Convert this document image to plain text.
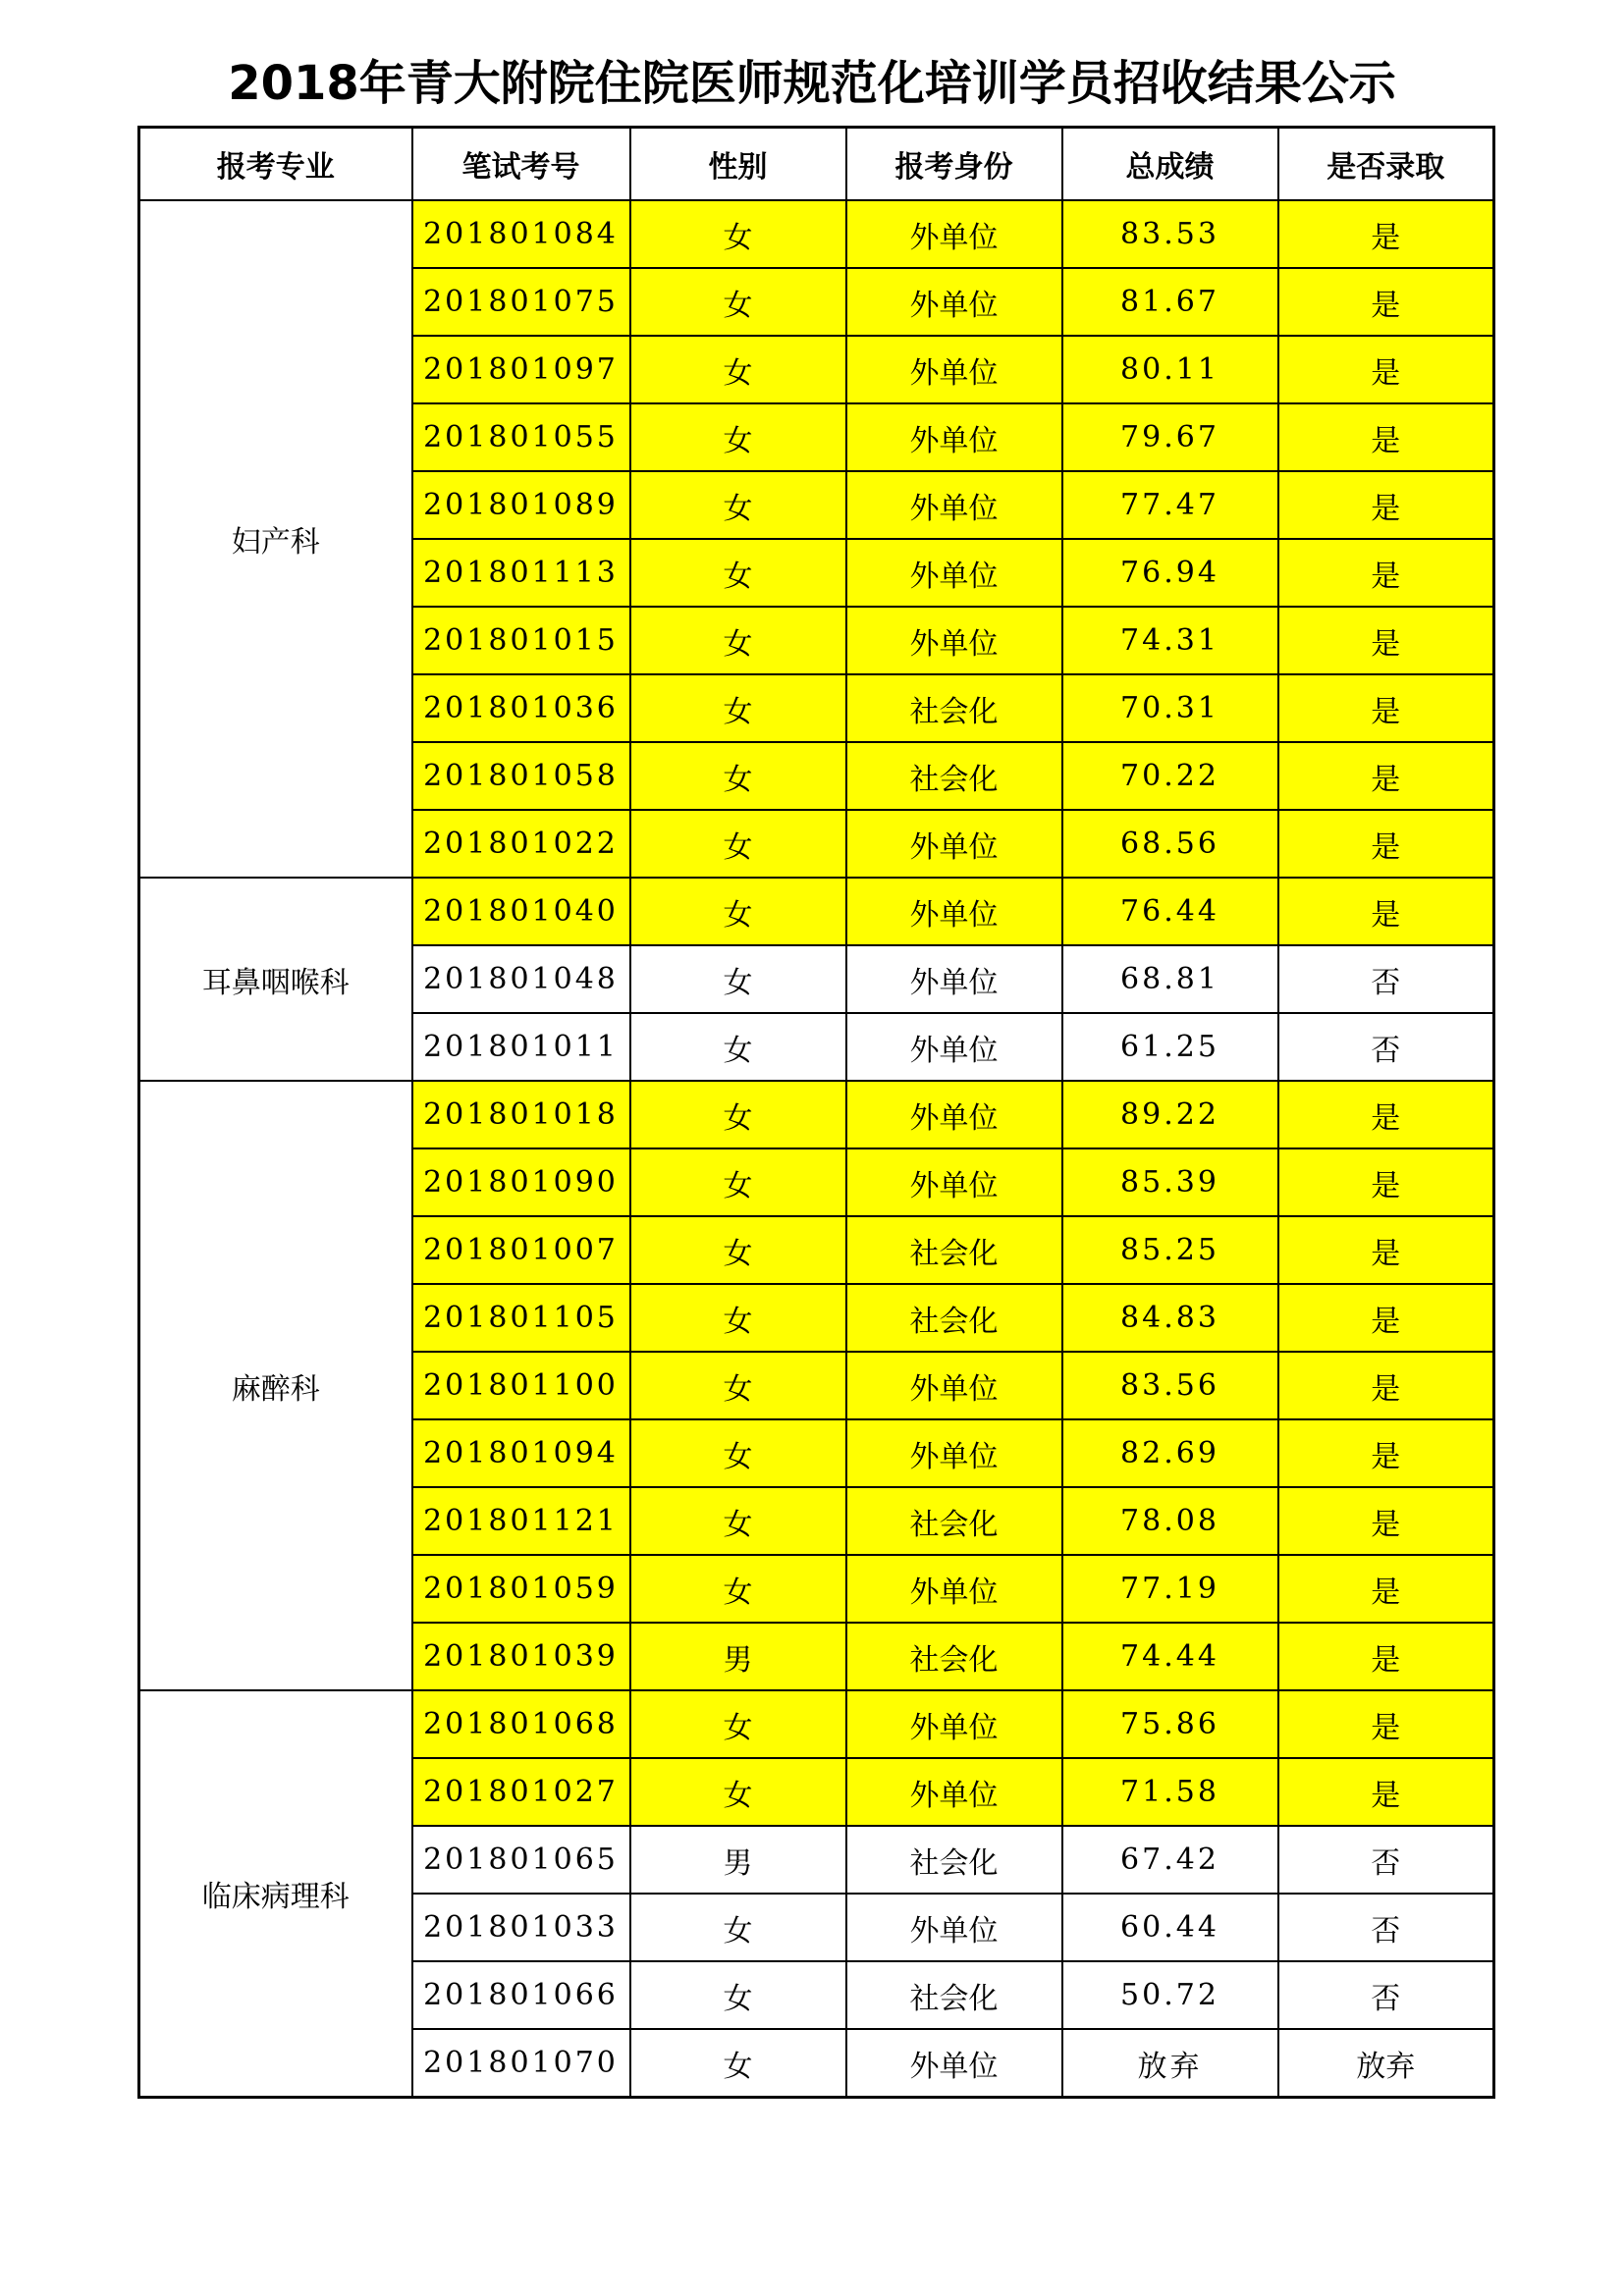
2018年青大附院住院医师规范化培训学员招收结果公示
报考专业	笔试考号	性别	报考身份	总成绩	是否录取
妇产科	201801084	女	外单位	83.53	是
	201801075	女	外单位	81.67	是
	201801097	女	外单位	80.11	是
	201801055	女	外单位	79.67	是
	201801089	女	外单位	77.47	是
	201801113	女	外单位	76.94	是
	201801015	女	外单位	74.31	是
	201801036	女	社会化	70.31	是
	201801058	女	社会化	70.22	是
	201801022	女	外单位	68.56	是
耳鼻咽喉科	201801040	女	外单位	76.44	是
	201801048	女	外单位	68.81	否
	201801011	女	外单位	61.25	否
麻醉科	201801018	女	外单位	89.22	是
	201801090	女	外单位	85.39	是
	201801007	女	社会化	85.25	是
	201801105	女	社会化	84.83	是
	201801100	女	外单位	83.56	是
	201801094	女	外单位	82.69	是
	201801121	女	社会化	78.08	是
	201801059	女	外单位	77.19	是
	201801039	男	社会化	74.44	是
临床病理科	201801068	女	外单位	75.86	是
	201801027	女	外单位	71.58	是
	201801065	男	社会化	67.42	否
	201801033	女	外单位	60.44	否
	201801066	女	社会化	50.72	否
	201801070	女	外单位	放弃	放弃
